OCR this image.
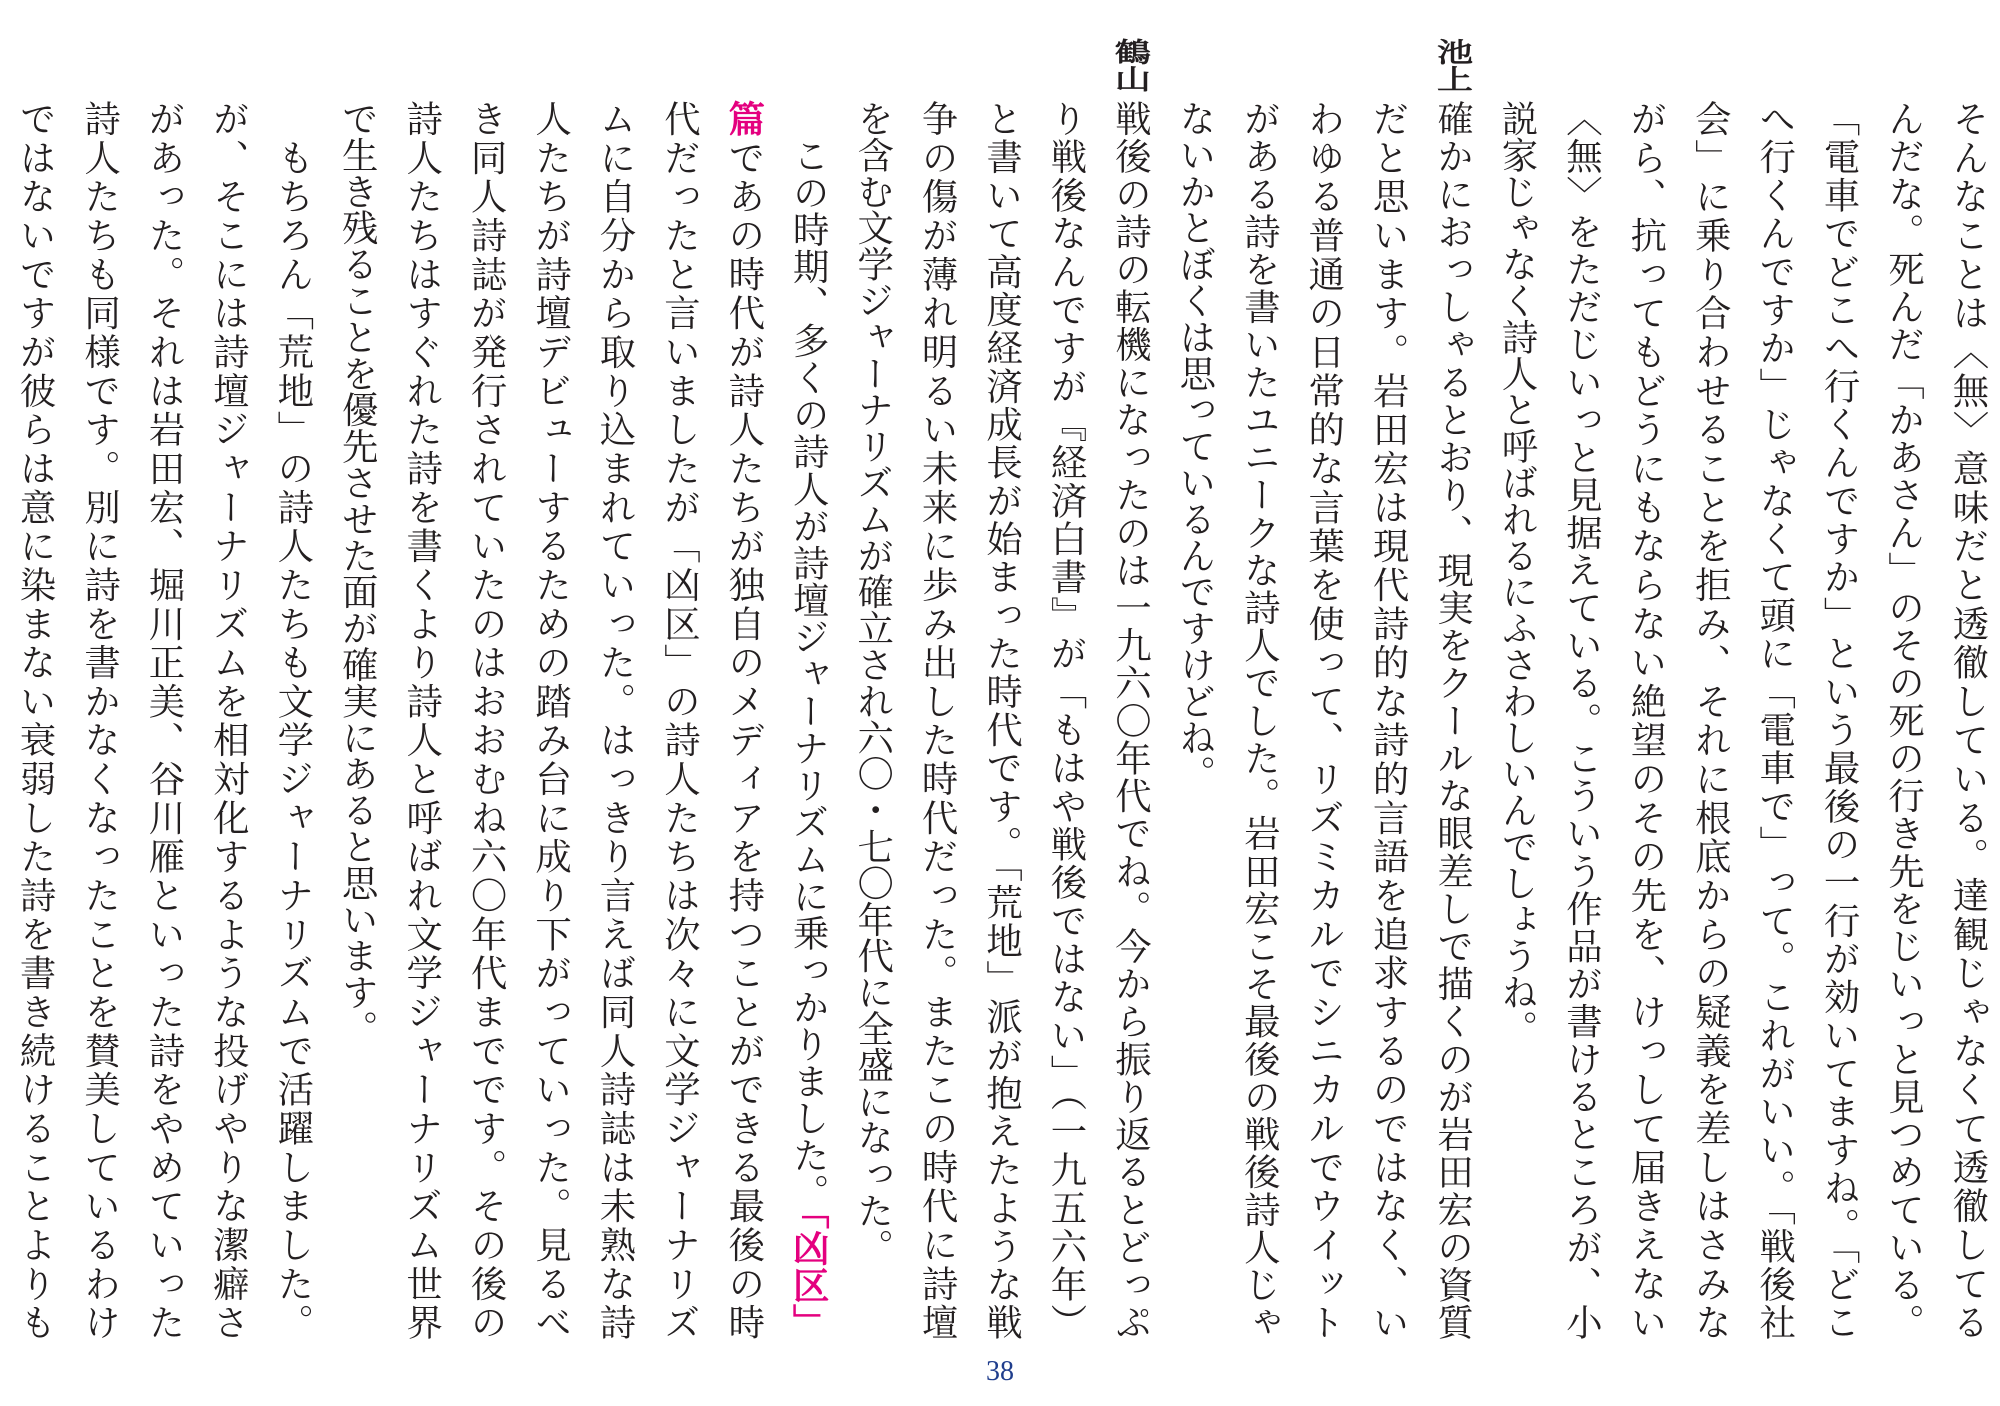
そんなことは〈無〉意味だと透徹している。達観じゃなくて透徹してる
んだな。死んだ「かあさん」のその死の行き先をじいっと見つめている。
「電車でどこへ行くんですか」という最後の一行が効いてますね。「どこ
へ行くんですか」じゃなくて頭に「電車で」って。これがいい。「戦後社
会」に乗り合わせることを拒み、それに根底からの疑義を差しはさみな
がら、抗ってもどうにもならない絶望のその先を、けっして届きえない
〈無〉をただじいっと見据えている。こういう作品が書けるところが、小
説家じゃなく詩人と呼ばれるにふさわしいんでしょうね。
池上
確かにおっしゃるとおり、現実をクールな眼差しで描くのが岩田宏の資質
だと思います。岩田宏は現代詩的な詩的言語を追求するのではなく、い
わゆる普通の日常的な言葉を使って、リズミカルでシニカルでウイット
がある詩を書いたユニークな詩人でした。岩田宏こそ最後の戦後詩人じゃ
ないかとぼくは思っているんですけどね。
鶴山
戦後の詩の転機になったのは一九六〇年代でね。今から振り返るとどっぷ
り戦後なんですが『経済白書』が「もはや戦後ではない」（一九五六年）
と書いて高度経済成長が始まった時代です。「荒地」派が抱えたような戦
争の傷が薄れ明るい未来に歩み出した時代だった。またこの時代に詩壇
を含む文学ジャーナリズムが確立され六〇・七〇年代に全盛になった。
　この時期、多くの詩人が詩壇ジャーナリズムに乗っかりました。「凶区」
篇であの時代が詩人たちが独自のメディアを持つことができる最後の時
代だったと言いましたが「凶区」の詩人たちは次々に文学ジャーナリズ
ムに自分から取り込まれていった。はっきり言えば同人詩誌は未熟な詩
人たちが詩壇デビューするための踏み台に成り下がっていった。見るべ
き同人詩誌が発行されていたのはおおむね六〇年代までです。その後の
詩人たちはすぐれた詩を書くより詩人と呼ばれ文学ジャーナリズム世界
で生き残ることを優先させた面が確実にあると思います。
　もちろん「荒地」の詩人たちも文学ジャーナリズムで活躍しました。
が、そこには詩壇ジャーナリズムを相対化するような投げやりな潔癖さ
があった。それは岩田宏、堀川正美、谷川雁といった詩をやめていった
詩人たちも同様です。別に詩を書かなくなったことを賛美しているわけ
ではないですが彼らは意に染まない衰弱した詩を書き続けることよりも
38
